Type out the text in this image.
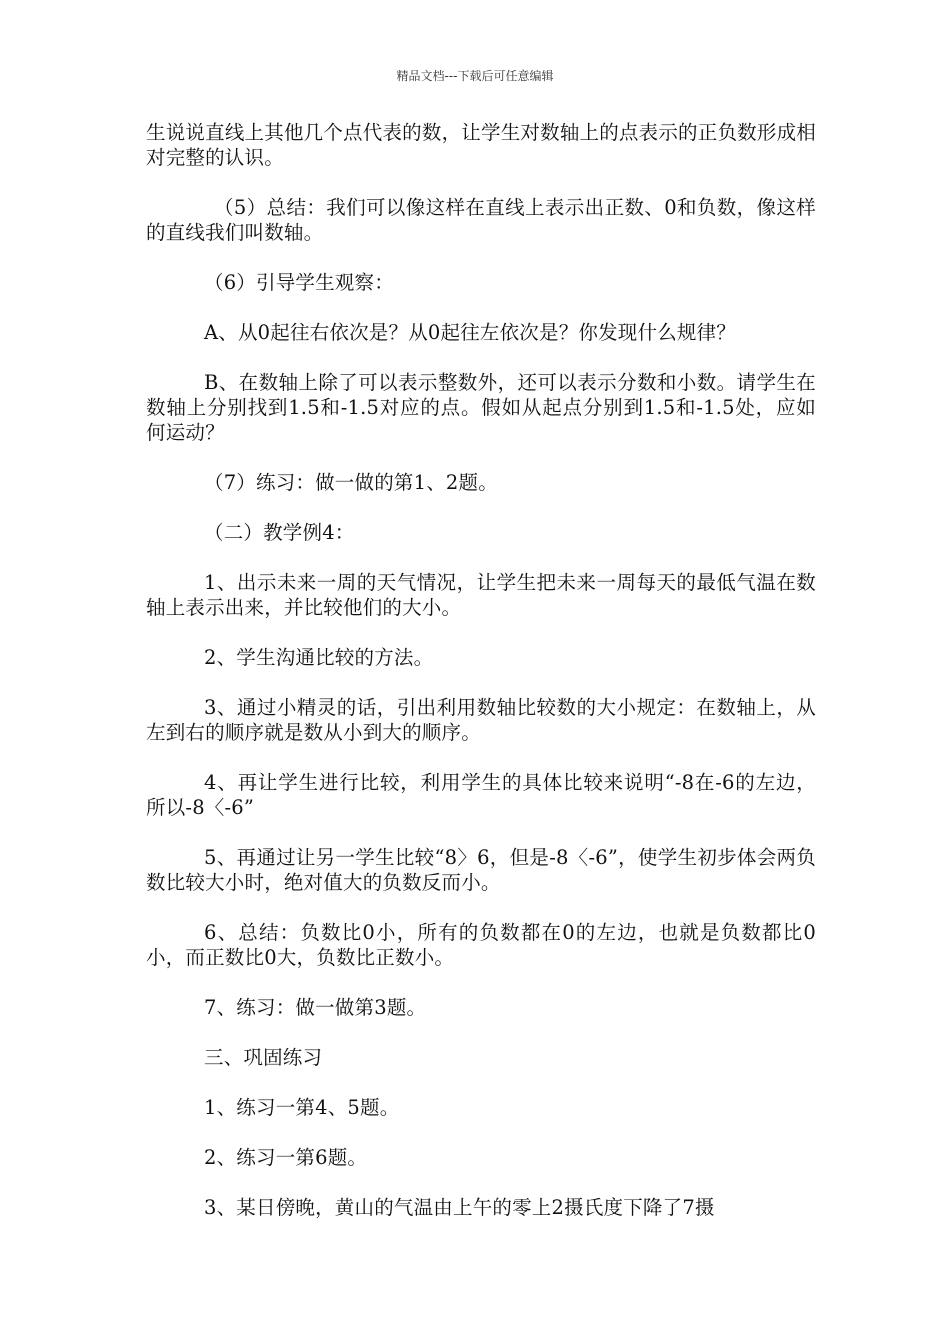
精品文档---下载后可任意编辑

生说说直线上其他几个点代表的数，让学生对数轴上的点表示的正负数形成相对完整的认识。

（5）总结：我们可以像这样在直线上表示出正数、0和负数，像这样的直线我们叫数轴。

（6）引导学生观察：

A、从0起往右依次是？从0起往左依次是？你发现什么规律？

B、在数轴上除了可以表示整数外，还可以表示分数和小数。请学生在数轴上分别找到1.5和-1.5对应的点。假如从起点分别到1.5和-1.5处，应如何运动？

（7）练习：做一做的第1、2题。

（二）教学例4：

1、出示未来一周的天气情况，让学生把未来一周每天的最低气温在数轴上表示出来，并比较他们的大小。

2、学生沟通比较的方法。

3、通过小精灵的话，引出利用数轴比较数的大小规定：在数轴上，从左到右的顺序就是数从小到大的顺序。

4、再让学生进行比较，利用学生的具体比较来说明“-8在-6的左边，所以-8〈-6”

5、再通过让另一学生比较“8〉6，但是-8〈-6”，使学生初步体会两负数比较大小时，绝对值大的负数反而小。

6、总结：负数比0小，所有的负数都在0的左边，也就是负数都比0小，而正数比0大，负数比正数小。

7、练习：做一做第3题。

三、巩固练习

1、练习一第4、5题。

2、练习一第6题。

3、某日傍晚，黄山的气温由上午的零上2摄氏度下降了7摄
